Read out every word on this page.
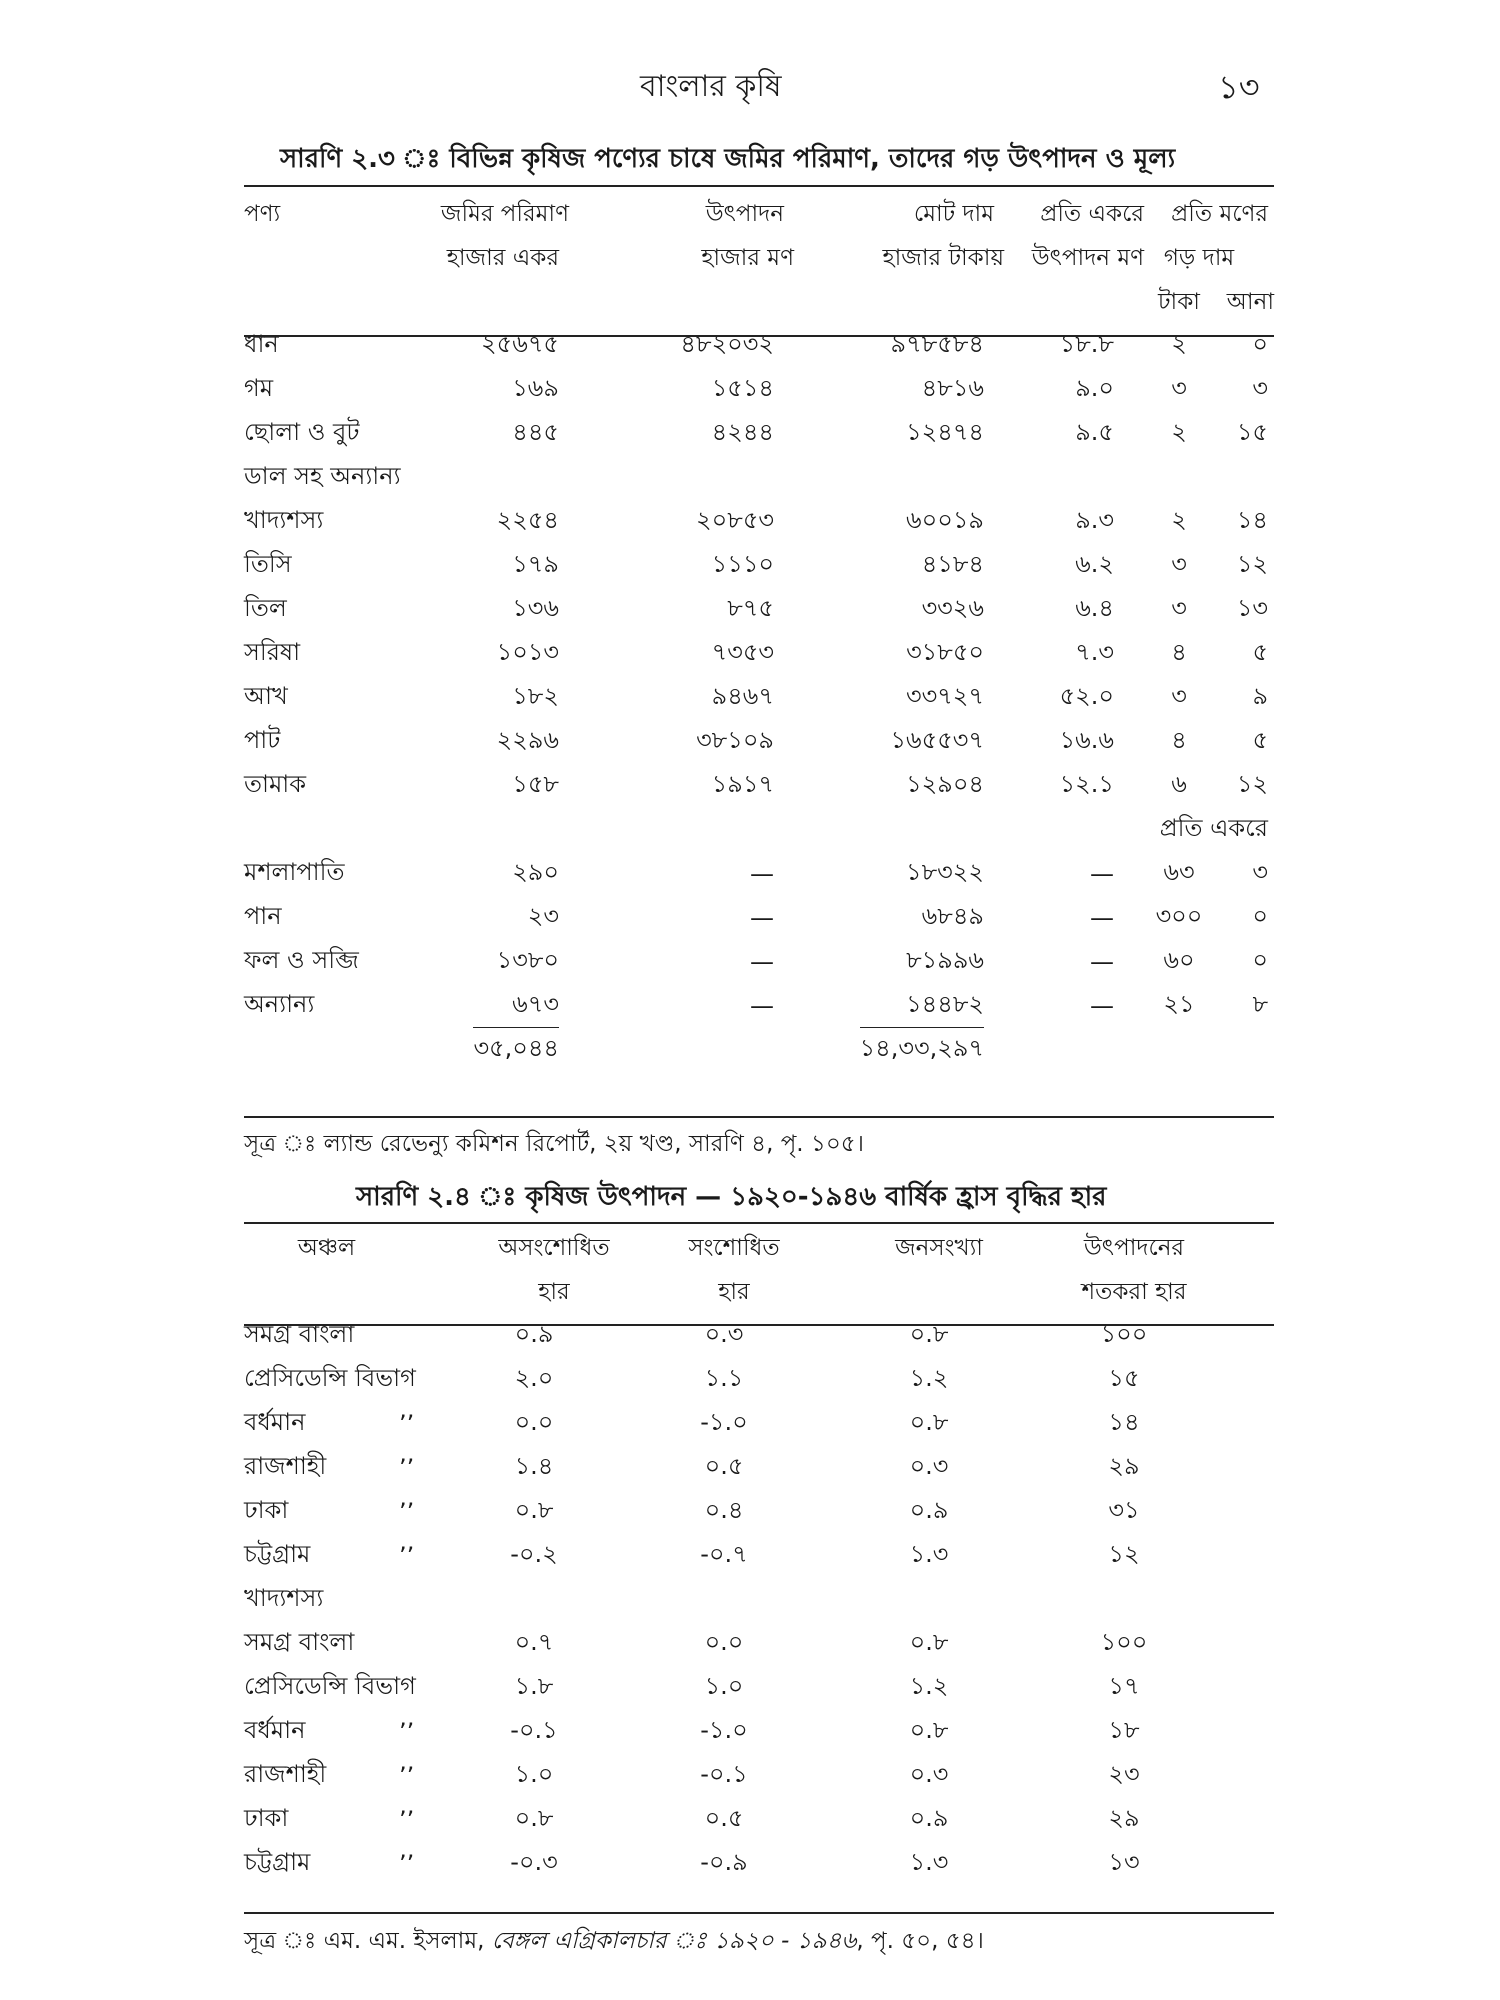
বাংলার কৃষি	১৩
সারণি ২.৩ ঃ বিভিন্ন কৃষিজ পণ্যের চাষে জমির পরিমাণ, তাদের গড় উৎপাদন ও মূল্য
পণ্য	জমির পরিমাণ	উৎপাদন	মোট দাম	প্রতি একরে	প্রতি মণের	
	হাজার একর	হাজার মণ	হাজার টাকায়	উৎপাদন মণ	গড় দাম	
					টাকা	আনা
ধান	২৫৬৭৫	৪৮২০৩২	৯৭৮৫৮৪	১৮.৮	২	০
গম	১৬৯	১৫১৪	৪৮১৬	৯.০	৩	৩
ছোলা ও বুট	৪৪৫	৪২৪৪	১২৪৭৪	৯.৫	২	১৫
ডাল সহ অন্যান্য						
খাদ্যশস্য	২২৫৪	২০৮৫৩	৬০০১৯	৯.৩	২	১৪
তিসি	১৭৯	১১১০	৪১৮৪	৬.২	৩	১২
তিল	১৩৬	৮৭৫	৩৩২৬	৬.৪	৩	১৩
সরিষা	১০১৩	৭৩৫৩	৩১৮৫০	৭.৩	৪	৫
আখ	১৮২	৯৪৬৭	৩৩৭২৭	৫২.০	৩	৯
পাট	২২৯৬	৩৮১০৯	১৬৫৫৩৭	১৬.৬	৪	৫
তামাক	১৫৮	১৯১৭	১২৯০৪	১২.১	৬	১২
					প্রতি একরে	
মশলাপাতি	২৯০	—	১৮৩২২	—	৬৩	৩
পান	২৩	—	৬৮৪৯	—	৩০০	০
ফল ও সব্জি	১৩৮০	—	৮১৯৯৬	—	৬০	০
অন্যান্য	৬৭৩	—	১৪৪৮২	—	২১	৮
	৩৫,০৪৪		১৪,৩৩,২৯৭			
সূত্র ঃ ল্যান্ড রেভেন্যু কমিশন রিপোর্ট, ২য় খণ্ড, সারণি ৪, পৃ. ১০৫।
সারণি ২.৪ ঃ কৃষিজ উৎপাদন — ১৯২০-১৯৪৬ বার্ষিক হ্রাস বৃদ্ধির হার
অঞ্চল		অসংশোধিত	সংশোধিত	জনসংখ্যা	উৎপাদনের	
		হার	হার		শতকরা হার	
সমগ্র বাংলা		০.৯	০.৩	০.৮	১০০	
প্রেসিডেন্সি বিভাগ		২.০	১.১	১.২	১৫	
বর্ধমান	’’	০.০	-১.০	০.৮	১৪	
রাজশাহী	’’	১.৪	০.৫	০.৩	২৯	
ঢাকা	’’	০.৮	০.৪	০.৯	৩১	
চট্টগ্রাম	’’	-০.২	-০.৭	১.৩	১২	
খাদ্যশস্য						
সমগ্র বাংলা		০.৭	০.০	০.৮	১০০	
প্রেসিডেন্সি বিভাগ		১.৮	১.০	১.২	১৭	
বর্ধমান	’’	-০.১	-১.০	০.৮	১৮	
রাজশাহী	’’	১.০	-০.১	০.৩	২৩	
ঢাকা	’’	০.৮	০.৫	০.৯	২৯	
চট্টগ্রাম	’’	-০.৩	-০.৯	১.৩	১৩	
সূত্র ঃ এম. এম. ইসলাম, বেঙ্গল এগ্রিকালচার ঃ ১৯২০ - ১৯৪৬, পৃ. ৫০, ৫৪।
